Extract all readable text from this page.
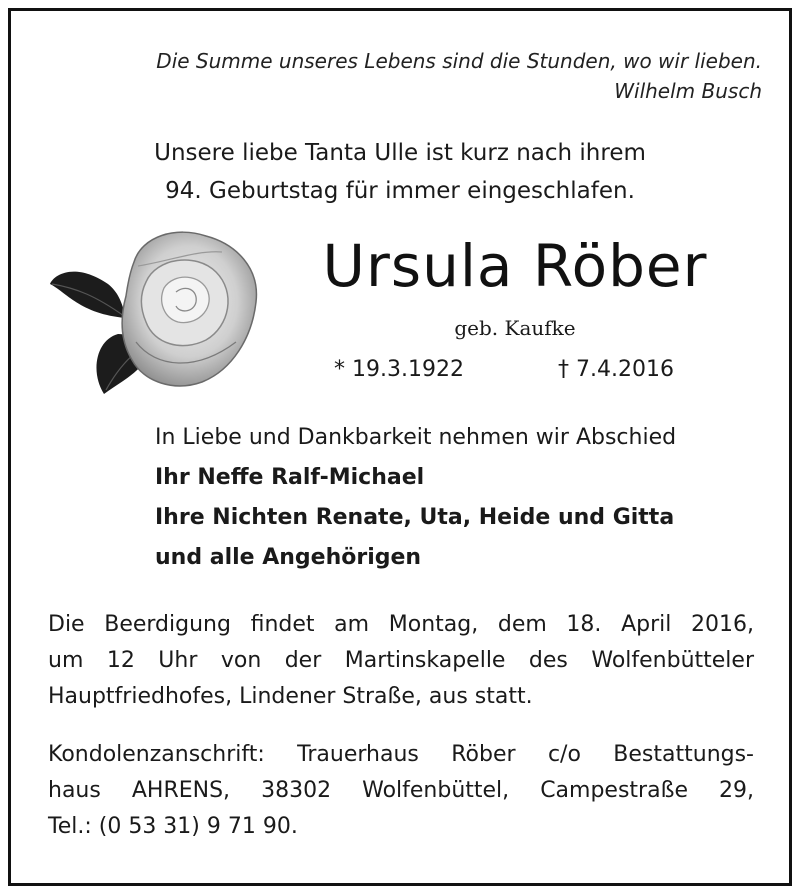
Die Summe unseres Lebens sind die Stunden, wo wir lieben.
Wilhelm Busch
Unsere liebe Tanta Ulle ist kurz nach ihrem
94. Geburtstag für immer eingeschlafen.
Ursula Röber
geb. Kaufke
* 19.3.1922	† 7.4.2016
In Liebe und Dankbarkeit nehmen wir Abschied
Ihr Neffe Ralf-Michael
Ihre Nichten Renate, Uta, Heide und Gitta
und alle Angehörigen
Die Beerdigung findet am Montag, dem 18. April 2016,
um 12 Uhr von der Martinskapelle des Wolfenbütteler
Hauptfriedhofes, Lindener Straße, aus statt.
Kondolenzanschrift: Trauerhaus Röber c/o Bestattungs-
haus AHRENS, 38302 Wolfenbüttel, Campestraße 29,
Tel.: (0 53 31) 9 71 90.
